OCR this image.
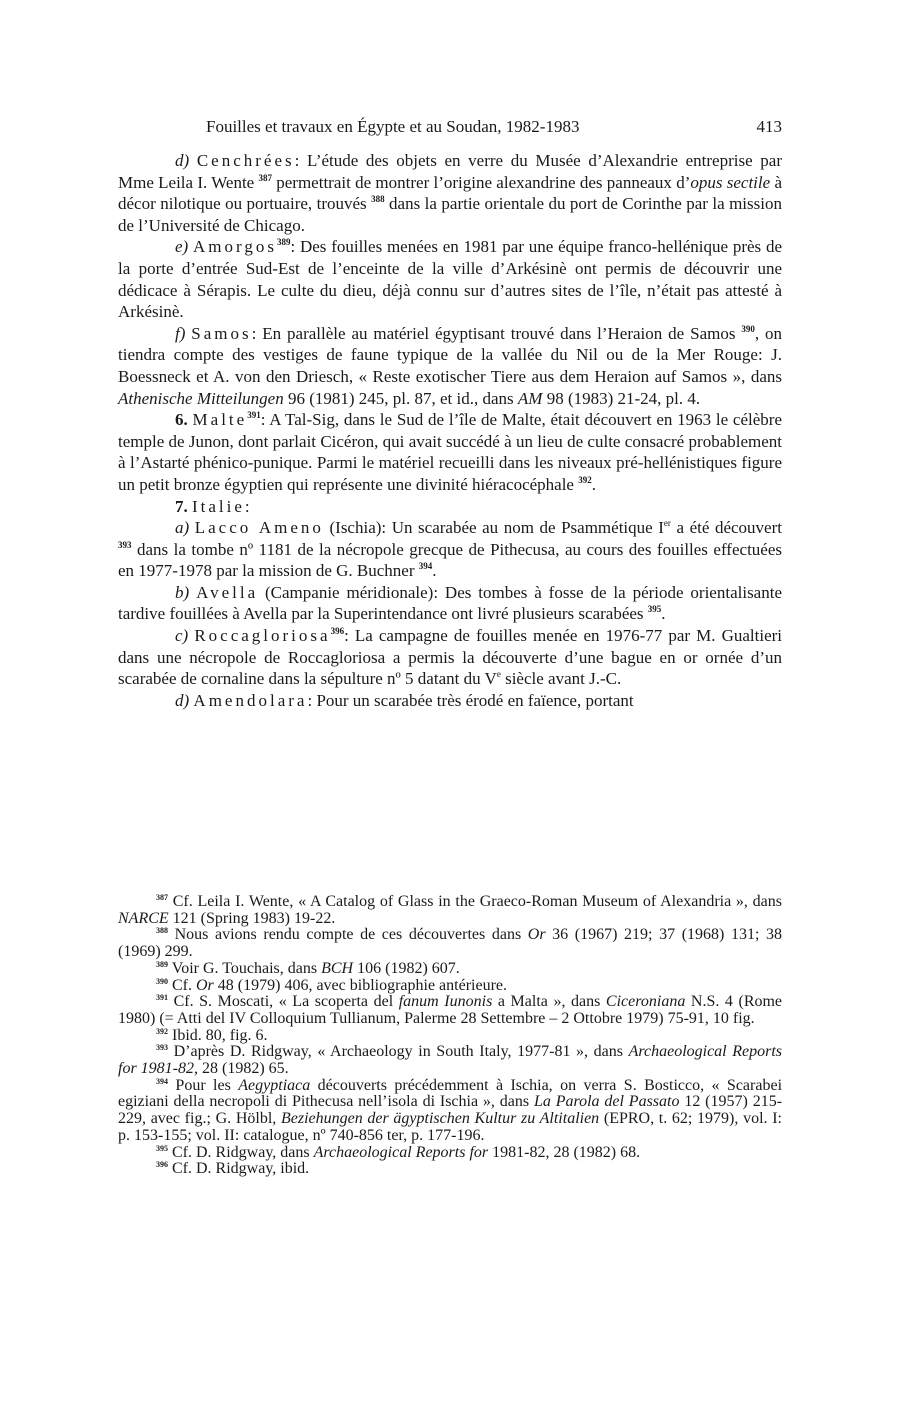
Fouilles et travaux en Égypte et au Soudan, 1982-1983	413

d) Cenchrées: L’étude des objets en verre du Musée d’Alexandrie entreprise par Mme Leila I. Wente $^{387}$ permettrait de montrer l’origine alexandrine des panneaux d’opus sectile à décor nilotique ou portuaire, trouvés $^{388}$ dans la partie orientale du port de Corinthe par la mission de l’Université de Chicago.

e) Amorgos$^{389}$: Des fouilles menées en 1981 par une équipe franco-hellénique près de la porte d’entrée Sud-Est de l’enceinte de la ville d’Arkésinè ont permis de découvrir une dédicace à Sérapis. Le culte du dieu, déjà connu sur d’autres sites de l’île, n’était pas attesté à Arkésinè.

f) Samos: En parallèle au matériel égyptisant trouvé dans l’Heraion de Samos $^{390}$, on tiendra compte des vestiges de faune typique de la vallée du Nil ou de la Mer Rouge: J. Boessneck et A. von den Driesch, « Reste exotischer Tiere aus dem Heraion auf Samos », dans Athenische Mitteilungen 96 (1981) 245, pl. 87, et id., dans AM 98 (1983) 21-24, pl. 4.

6. Malte$^{391}$: A Tal-Sig, dans le Sud de l’île de Malte, était découvert en 1963 le célèbre temple de Junon, dont parlait Cicéron, qui avait succédé à un lieu de culte consacré probablement à l’Astarté phénico-punique. Parmi le matériel recueilli dans les niveaux pré-hellénistiques figure un petit bronze égyptien qui représente une divinité hiéracocéphale $^{392}$.

7. Italie:

a) Lacco Ameno (Ischia): Un scarabée au nom de Psammétique Ier a été découvert $^{393}$ dans la tombe nº 1181 de la nécropole grecque de Pithecusa, au cours des fouilles effectuées en 1977-1978 par la mission de G. Buchner $^{394}$.

b) Avella (Campanie méridionale): Des tombes à fosse de la période orientalisante tardive fouillées à Avella par la Superintendance ont livré plusieurs scarabées $^{395}$.

c) Roccagloriosa$^{396}$: La campagne de fouilles menée en 1976-77 par M. Gualtieri dans une nécropole de Roccagloriosa a permis la découverte d’une bague en or ornée d’un scarabée de cornaline dans la sépulture nº 5 datant du Ve siècle avant J.-C.

d) Amendolara: Pour un scarabée très érodé en faïence, portant

$^{387}$ Cf. Leila I. Wente, « A Catalog of Glass in the Graeco-Roman Museum of Alexandria », dans NARCE 121 (Spring 1983) 19-22.

$^{388}$ Nous avions rendu compte de ces découvertes dans Or 36 (1967) 219; 37 (1968) 131; 38 (1969) 299.

$^{389}$ Voir G. Touchais, dans BCH 106 (1982) 607.

$^{390}$ Cf. Or 48 (1979) 406, avec bibliographie antérieure.

$^{391}$ Cf. S. Moscati, « La scoperta del fanum Iunonis a Malta », dans Ciceroniana N.S. 4 (Rome 1980) (= Atti del IV Colloquium Tullianum, Palerme 28 Settembre – 2 Ottobre 1979) 75-91, 10 fig.

$^{392}$ Ibid. 80, fig. 6.

$^{393}$ D’après D. Ridgway, « Archaeology in South Italy, 1977-81 », dans Archaeological Reports for 1981-82, 28 (1982) 65.

$^{394}$ Pour les Aegyptiaca découverts précédemment à Ischia, on verra S. Bosticco, « Scarabei egiziani della necropoli di Pithecusa nell’isola di Ischia », dans La Parola del Passato 12 (1957) 215-229, avec fig.; G. Hölbl, Beziehungen der ägyptischen Kultur zu Altitalien (EPRO, t. 62; 1979), vol. I: p. 153-155; vol. II: catalogue, nº 740-856 ter, p. 177-196.

$^{395}$ Cf. D. Ridgway, dans Archaeological Reports for 1981-82, 28 (1982) 68.

$^{396}$ Cf. D. Ridgway, ibid.
